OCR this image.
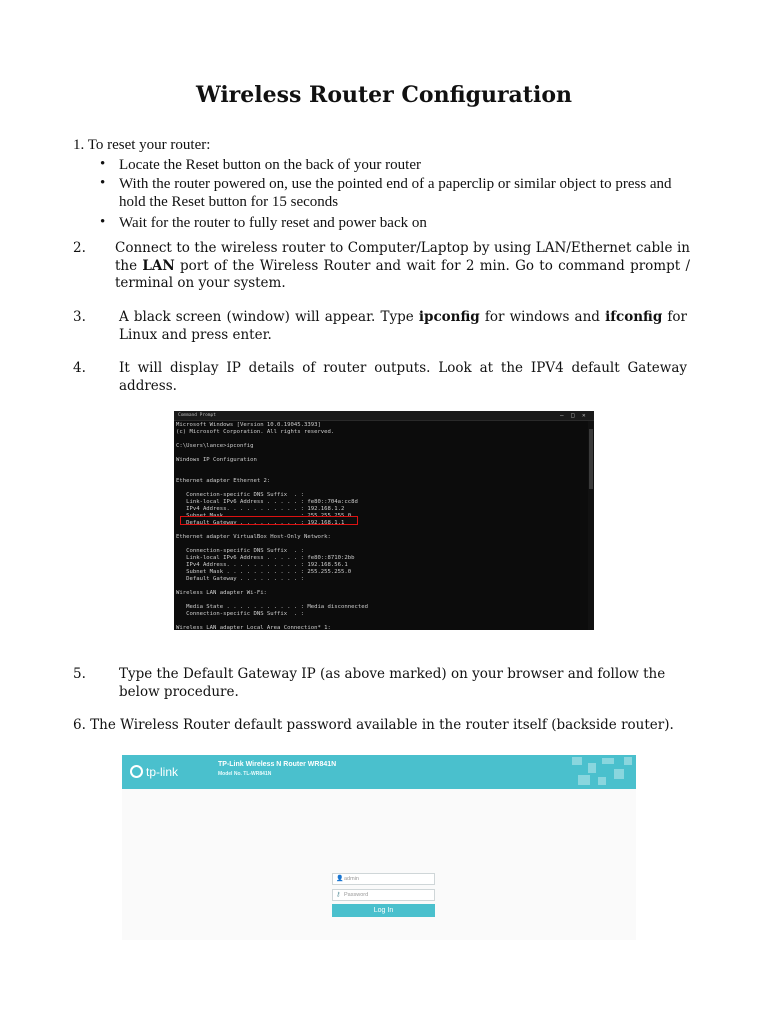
Wireless Router Configuration
1. To reset your router:
• Locate the Reset button on the back of your router
• With the router powered on, use the pointed end of a paperclip or similar object to press and hold the Reset button for 15 seconds
• Wait for the router to fully reset and power back on
2. Connect to the wireless router to Computer/Laptop by using LAN/Ethernet cable in the LAN port of the Wireless Router and wait for 2 min. Go to command prompt / terminal on your system.
3. A black screen (window) will appear. Type ipconfig for windows and ifconfig for Linux and press enter.
4. It will display IP details of router outputs. Look at the IPV4 default Gateway address.
Command Prompt	– □ ✕
Microsoft Windows [Version 10.0.19045.3393]
(c) Microsoft Corporation. All rights reserved.
C:\Users\lance>ipconfig
Windows IP Configuration
Ethernet adapter Ethernet 2:
Connection-specific DNS Suffix  . :
Link-local IPv6 Address . . . . . : fe80::704a:cc8d
IPv4 Address. . . . . . . . . . . : 192.168.1.2
Subnet Mask . . . . . . . . . . . : 255.255.255.0
Default Gateway . . . . . . . . . : 192.168.1.1
Ethernet adapter VirtualBox Host-Only Network:
Connection-specific DNS Suffix  . :
Link-local IPv6 Address . . . . . : fe80::8710:2bb
IPv4 Address. . . . . . . . . . . : 192.168.56.1
Subnet Mask . . . . . . . . . . . : 255.255.255.0
Default Gateway . . . . . . . . . :
Wireless LAN adapter Wi-Fi:
Media State . . . . . . . . . . . : Media disconnected
Connection-specific DNS Suffix  . :
Wireless LAN adapter Local Area Connection* 1:
5. Type the Default Gateway IP (as above marked) on your browser and follow the below procedure.
6. The Wireless Router default password available in the router itself (backside router).
tp-link
TP-Link Wireless N Router WR841N
Model No. TL-WR841N
👤 admin
⚷ Password
Log In
